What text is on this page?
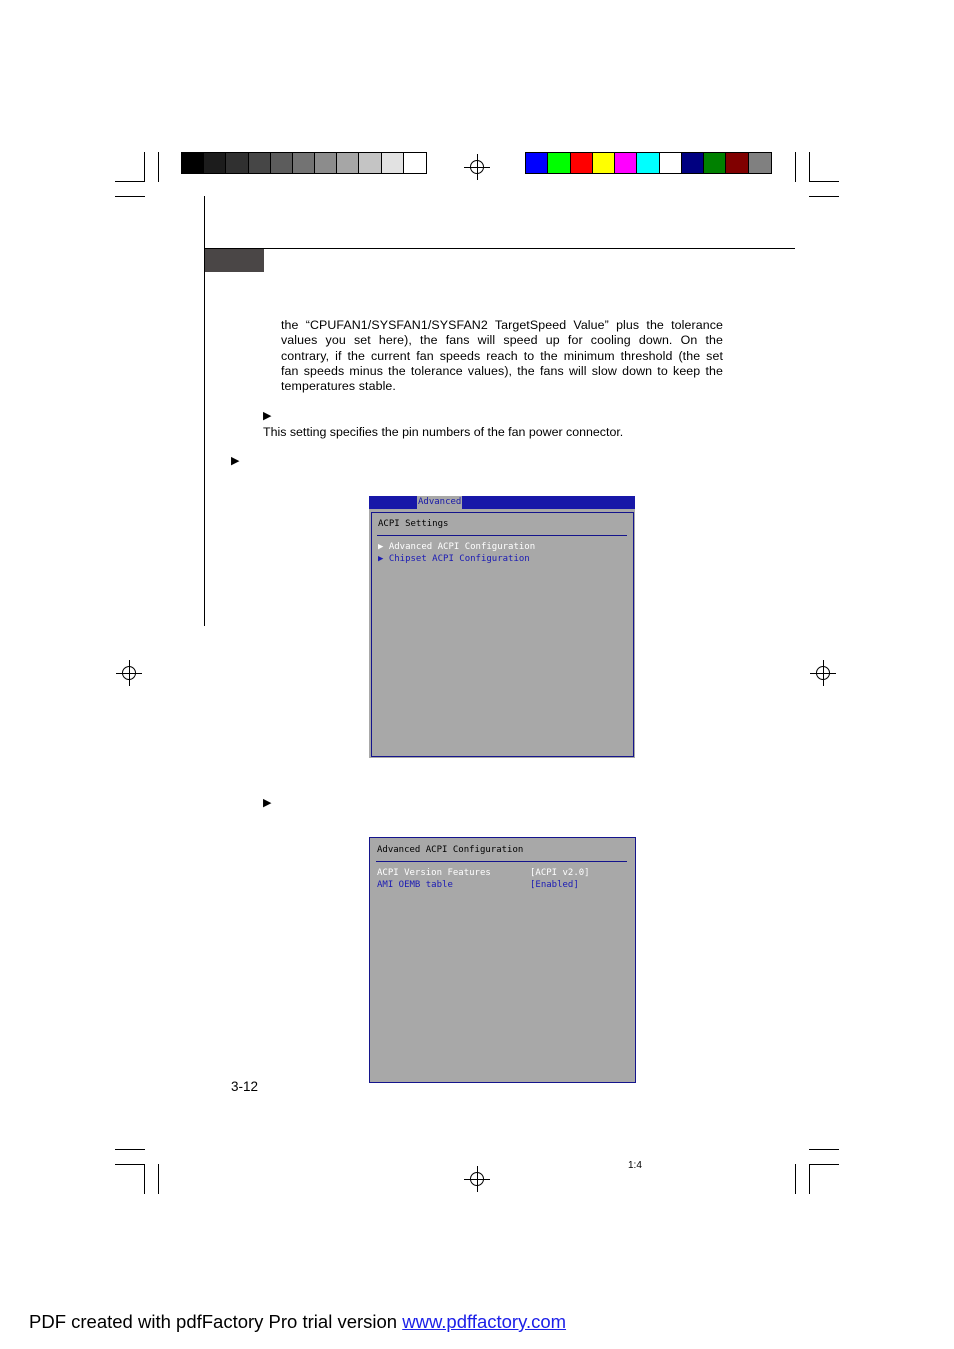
the “CPUFAN1/SYSFAN1/SYSFAN2 TargetSpeed Value” plus the tolerance
values you set here), the fans will speed up for cooling down. On the
contrary, if the current fan speeds reach to the minimum threshold (the set
fan speeds minus the tolerance values), the fans will slow down to keep the
temperatures stable.
▶
This setting specifies the pin numbers of the fan power connector.
▶
Advanced
ACPI Settings
▶ Advanced ACPI Configuration
▶ Chipset ACPI Configuration
▶
Advanced ACPI Configuration
ACPI Version Features	[ACPI v2.0]
AMI OEMB table	[Enabled]
3-12
1:4
PDF created with pdfFactory Pro trial version www.pdffactory.com
